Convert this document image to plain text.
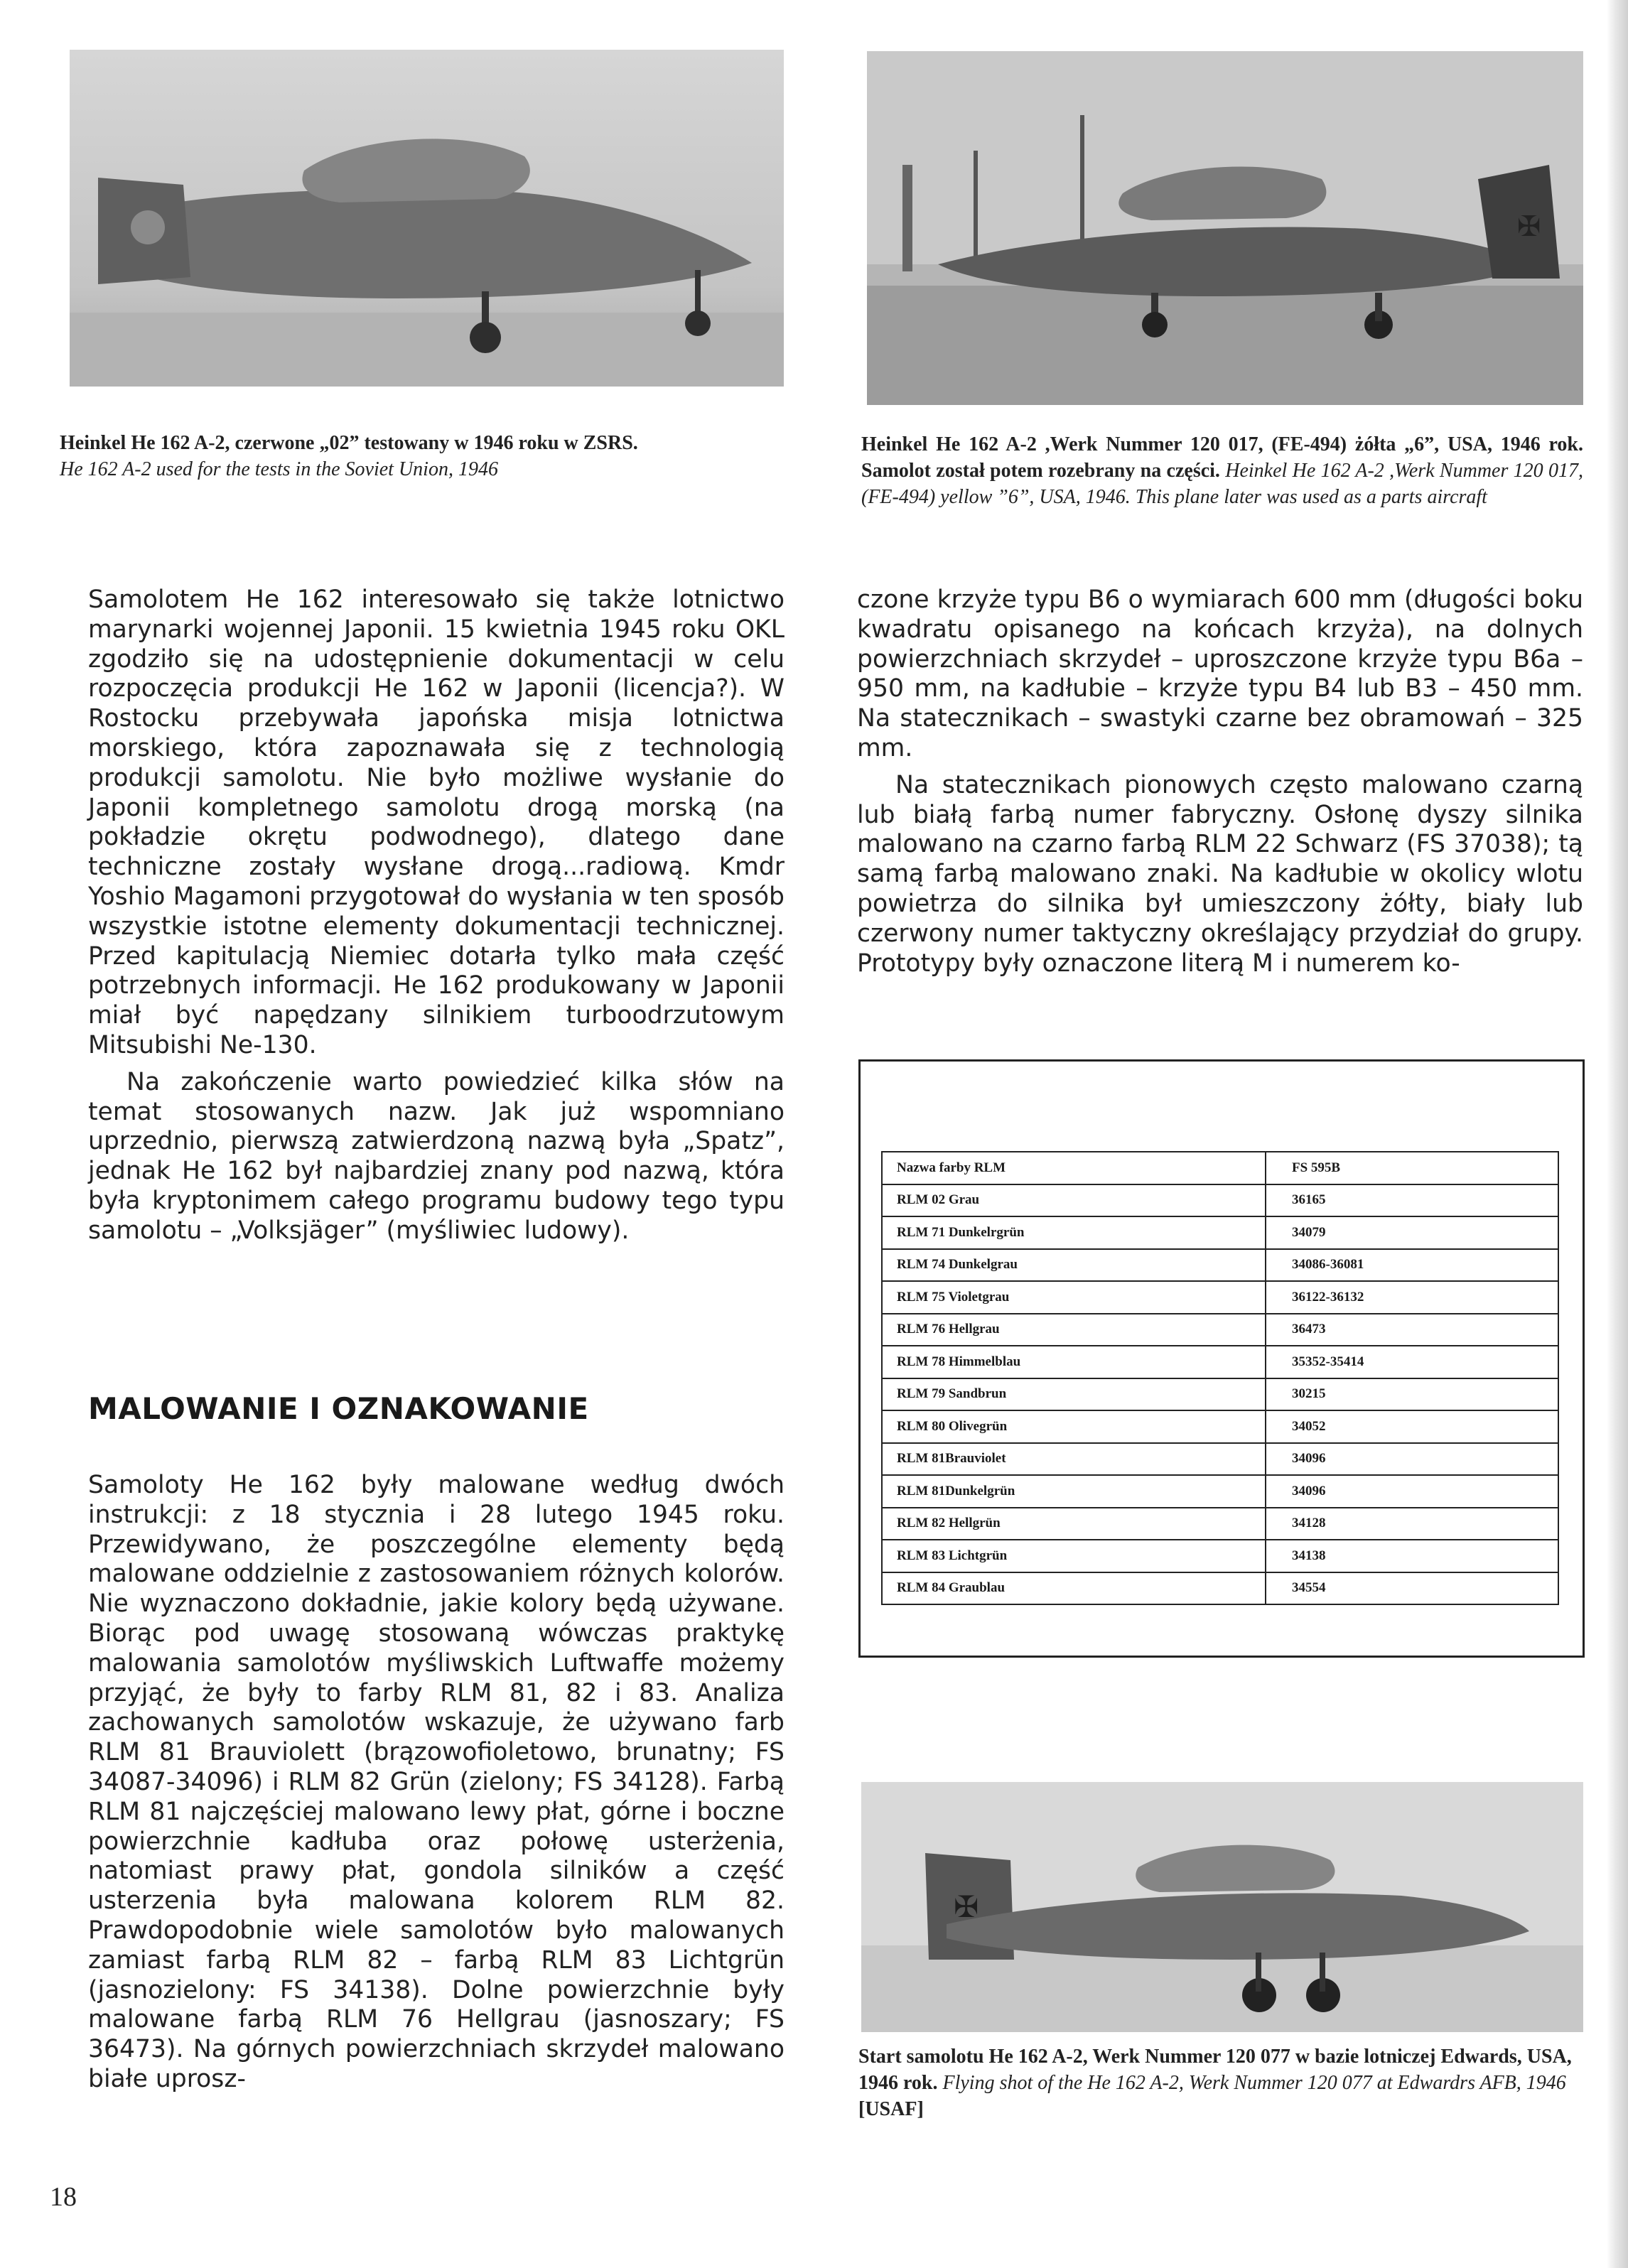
✠
Heinkel He 162 A-2, czerwone „02” testowany w 1946 roku w ZSRS.
He 162 A-2 used for the tests in the Soviet Union, 1946
Heinkel He 162 A-2 ,Werk Nummer 120 017, (FE-494) żółta „6”, USA, 1946 rok. Samolot został potem rozebrany na części. Heinkel He 162 A-2 ,Werk Nummer 120 017,(FE-494) yellow ”6”, USA, 1946. This plane later was used as a parts aircraft

Samolotem He 162 interesowało się także lotnictwo marynarki wojennej Japonii. 15 kwietnia 1945 roku OKL zgodziło się na udostępnienie dokumentacji w celu rozpoczęcia produkcji He 162 w Japonii (licencja?). W Rostocku przebywała japońska misja lotnictwa morskiego, która zapoznawała się z technologią produkcji samolotu. Nie było możliwe wysłanie do Japonii kompletnego samolotu drogą morską (na pokładzie okrętu podwodnego), dlatego dane techniczne zostały wysłane drogą...radiową. Kmdr Yoshio Magamoni przygotował do wysłania w ten sposób wszystkie istotne elementy dokumentacji technicznej. Przed kapitulacją Niemiec dotarła tylko mała część potrzebnych informacji. He 162 produkowany w Japonii miał być napędzany silnikiem turboodrzutowym Mitsubishi Ne-130.

Na zakończenie warto powiedzieć kilka słów na temat stosowanych nazw. Jak już wspomniano uprzednio, pierwszą zatwierdzoną nazwą była „Spatz”, jednak He 162 był najbardziej znany pod nazwą, która była kryptonimem całego programu budowy tego typu samolotu – „Volksjäger” (myśliwiec ludowy).

MALOWANIE I OZNAKOWANIE

Samoloty He 162 były malowane według dwóch instrukcji: z 18 stycznia i 28 lutego 1945 roku. Przewidywano, że poszczególne elementy będą malowane oddzielnie z zastosowaniem różnych kolorów. Nie wyznaczono dokładnie, jakie kolory będą używane. Biorąc pod uwagę stosowaną wówczas praktykę malowania samolotów myśliwskich Luftwaffe możemy przyjąć, że były to farby RLM 81, 82 i 83. Analiza zachowanych samolotów wskazuje, że używano farb RLM 81 Brauviolett (brązowofioletowo, brunatny; FS 34087-34096) i RLM 82 Grün (zielony; FS 34128). Farbą RLM 81 najczęściej malowano lewy płat, górne i boczne powierzchnie kadłuba oraz połowę usterżenia, natomiast prawy płat, gondola silników a część usterzenia była malowana kolorem RLM 82. Prawdopodobnie wiele samolotów było malowanych zamiast farbą RLM 82 – farbą RLM 83 Lichtgrün (jasnozielony: FS 34138). Dolne powierzchnie były malowane farbą RLM 76 Hellgrau (jasnoszary; FS 36473). Na górnych powierzchniach skrzydeł malowano białe uprosz-

czone krzyże typu B6 o wymiarach 600 mm (długości boku kwadratu opisanego na końcach krzyża), na dolnych powierzchniach skrzydeł – uproszczone krzyże typu B6a – 950 mm, na kadłubie – krzyże typu B4 lub B3 – 450 mm. Na statecznikach – swastyki czarne bez obramowań – 325 mm.

Na statecznikach pionowych często malowano czarną lub białą farbą numer fabryczny. Osłonę dyszy silnika malowano na czarno farbą RLM 22 Schwarz (FS 37038); tą samą farbą malowano znaki. Na kadłubie w okolicy wlotu powietrza do silnika był umieszczony żółty, biały lub czerwony numer taktyczny określający przydział do grupy. Prototypy były oznaczone literą M i numerem ko-

Nazwa farby RLM	FS 595B
RLM 02 Grau	36165
RLM 71 Dunkelrgrün	34079
RLM 74 Dunkelgrau	34086-36081
RLM 75 Violetgrau	36122-36132
RLM 76 Hellgrau	36473
RLM 78 Himmelblau	35352-35414
RLM 79 Sandbrun	30215
RLM 80 Olivegrün	34052
RLM 81Brauviolet	34096
RLM 81Dunkelgrün	34096
RLM 82 Hellgrün	34128
RLM 83 Lichtgrün	34138
RLM 84 Graublau	34554
✠
Start samolotu He 162 A-2, Werk Nummer 120 077 w bazie lotniczej Edwards, USA, 1946 rok. Flying shot of the He 162 A-2, Werk Nummer 120 077 at Edwardrs AFB, 1946 [USAF]
18
